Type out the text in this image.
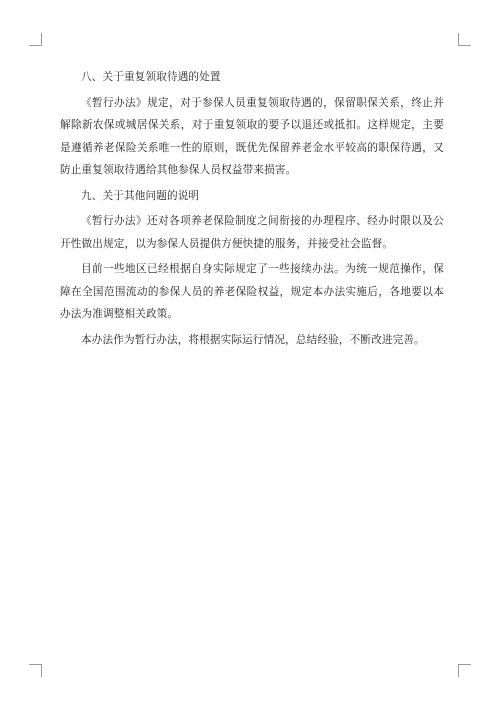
八、关于重复领取待遇的处置

《暂行办法》规定，对于参保人员重复领取待遇的，保留职保关系，终止并解除新农保或城居保关系，对于重复领取的要予以退还或抵扣。这样规定，主要是遵循养老保险关系唯一性的原则，既优先保留养老金水平较高的职保待遇，又防止重复领取待遇给其他参保人员权益带来损害。

九、关于其他问题的说明

《暂行办法》还对各项养老保险制度之间衔接的办理程序、经办时限以及公开性做出规定，以为参保人员提供方便快捷的服务，并接受社会监督。

目前一些地区已经根据自身实际规定了一些接续办法。为统一规范操作，保障在全国范围流动的参保人员的养老保险权益，规定本办法实施后，各地要以本办法为准调整相关政策。

本办法作为暂行办法，将根据实际运行情况，总结经验，不断改进完善。
